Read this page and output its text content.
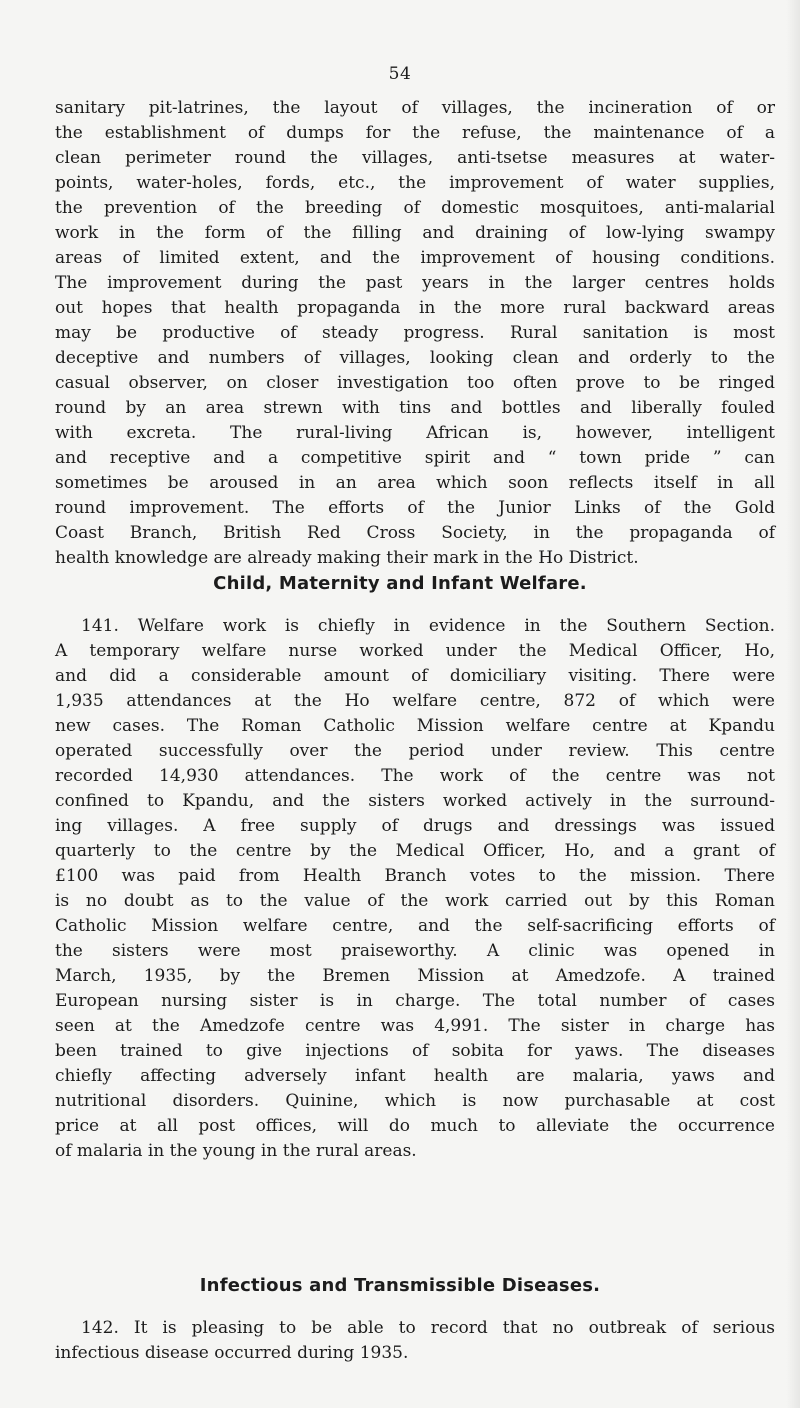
54
sanitary pit-latrines, the layout of villages, the incineration of or
the establishment of dumps for the refuse, the maintenance of a
clean perimeter round the villages, anti-tsetse measures at water-
points, water-holes, fords, etc., the improvement of water supplies,
the prevention of the breeding of domestic mosquitoes, anti-malarial
work in the form of the filling and draining of low-lying swampy
areas of limited extent, and the improvement of housing conditions.
The improvement during the past years in the larger centres holds
out hopes that health propaganda in the more rural backward areas
may be productive of steady progress. Rural sanitation is most
deceptive and numbers of villages, looking clean and orderly to the
casual observer, on closer investigation too often prove to be ringed
round by an area strewn with tins and bottles and liberally fouled
with excreta. The rural-living African is, however, intelligent
and receptive and a competitive spirit and “ town pride ” can
sometimes be aroused in an area which soon reflects itself in all
round improvement. The efforts of the Junior Links of the Gold
Coast Branch, British Red Cross Society, in the propaganda of
health knowledge are already making their mark in the Ho District.
Child, Maternity and Infant Welfare.
141. Welfare work is chiefly in evidence in the Southern Section.
A temporary welfare nurse worked under the Medical Officer, Ho,
and did a considerable amount of domiciliary visiting. There were
1,935 attendances at the Ho welfare centre, 872 of which were
new cases. The Roman Catholic Mission welfare centre at Kpandu
operated successfully over the period under review. This centre
recorded 14,930 attendances. The work of the centre was not
confined to Kpandu, and the sisters worked actively in the surround-
ing villages. A free supply of drugs and dressings was issued
quarterly to the centre by the Medical Officer, Ho, and a grant of
£100 was paid from Health Branch votes to the mission. There
is no doubt as to the value of the work carried out by this Roman
Catholic Mission welfare centre, and the self-sacrificing efforts of
the sisters were most praiseworthy. A clinic was opened in
March, 1935, by the Bremen Mission at Amedzofe. A trained
European nursing sister is in charge. The total number of cases
seen at the Amedzofe centre was 4,991. The sister in charge has
been trained to give injections of sobita for yaws. The diseases
chiefly affecting adversely infant health are malaria, yaws and
nutritional disorders. Quinine, which is now purchasable at cost
price at all post offices, will do much to alleviate the occurrence
of malaria in the young in the rural areas.
Infectious and Transmissible Diseases.
142. It is pleasing to be able to record that no outbreak of serious
infectious disease occurred during 1935.
